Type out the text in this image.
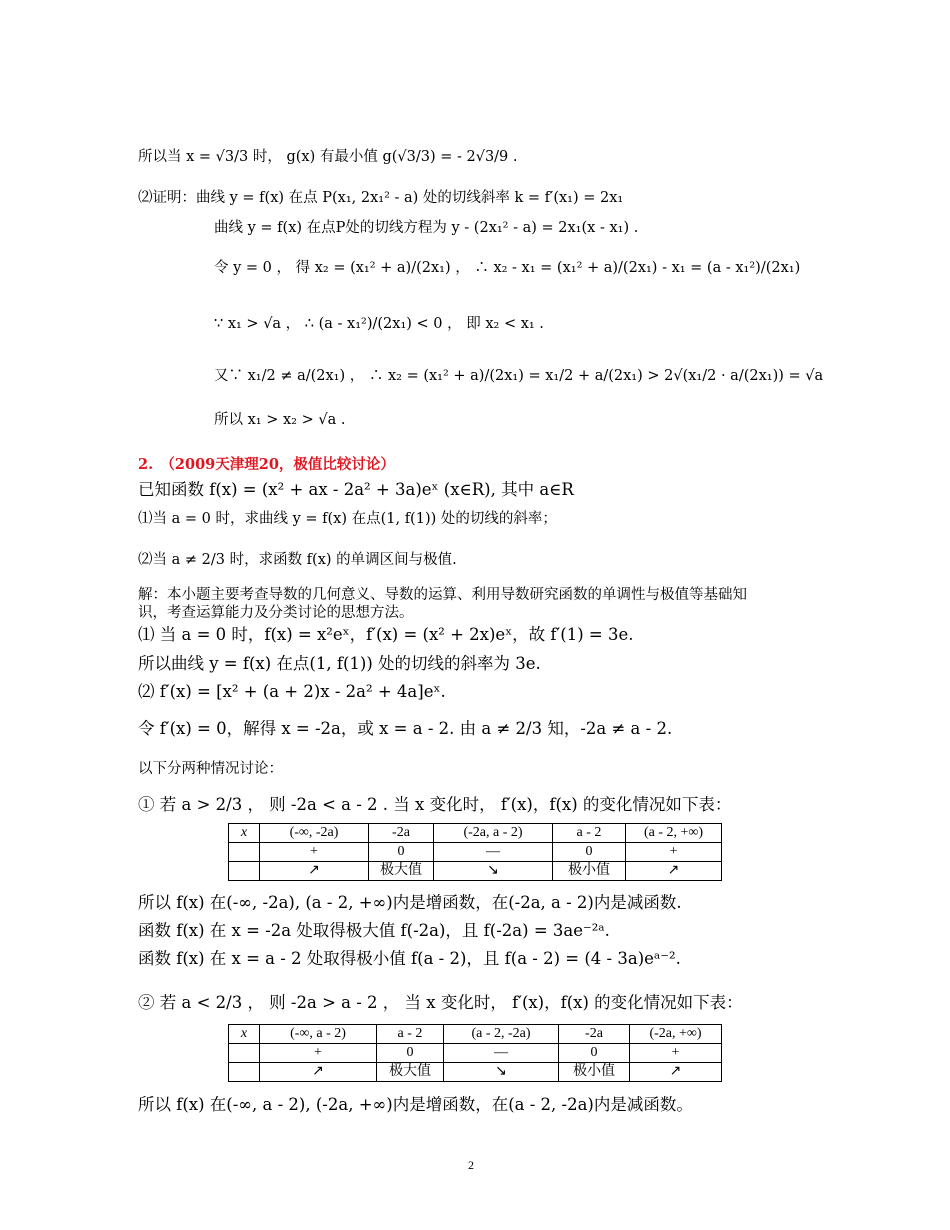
所以当 x = √3/3 时， g(x) 有最小值 g(√3/3) = - 2√3/9 .
⑵证明：曲线 y = f(x) 在点 P(x₁, 2x₁² - a) 处的切线斜率 k = f′(x₁) = 2x₁
曲线 y = f(x) 在点P处的切线方程为 y - (2x₁² - a) = 2x₁(x - x₁) .
令 y = 0 ， 得 x₂ = (x₁² + a)/(2x₁) ， ∴ x₂ - x₁ = (x₁² + a)/(2x₁) - x₁ = (a - x₁²)/(2x₁)
∵ x₁ > √a ， ∴ (a - x₁²)/(2x₁) < 0 ， 即 x₂ < x₁ .
又∵ x₁/2 ≠ a/(2x₁) ， ∴ x₂ = (x₁² + a)/(2x₁) = x₁/2 + a/(2x₁) > 2√(x₁/2 · a/(2x₁)) = √a
所以 x₁ > x₂ > √a .
2.　（2009天津理20，极值比较讨论）
已知函数 f(x) = (x² + ax - 2a² + 3a)eˣ (x∈R), 其中 a∈R
⑴当 a = 0 时，求曲线 y = f(x) 在点(1, f(1)) 处的切线的斜率；
⑵当 a ≠ 2/3 时，求函数 f(x) 的单调区间与极值.
解：本小题主要考查导数的几何意义、导数的运算、利用导数研究函数的单调性与极值等基础知
识，考查运算能力及分类讨论的思想方法。
⑴ 当 a = 0 时，f(x) = x²eˣ，f′(x) = (x² + 2x)eˣ，故 f′(1) = 3e.
所以曲线 y = f(x) 在点(1, f(1)) 处的切线的斜率为 3e.
⑵ f′(x) = [x² + (a + 2)x - 2a² + 4a]eˣ.
令 f′(x) = 0，解得 x = -2a，或 x = a - 2. 由 a ≠ 2/3 知，-2a ≠ a - 2.
以下分两种情况讨论：
① 若 a > 2/3 ， 则 -2a < a - 2 . 当 x 变化时， f′(x)，f(x) 的变化情况如下表：
x	(-∞, -2a)	-2a	(-2a, a - 2)	a - 2	(a - 2, +∞)
	+	0	—	0	+
	↗	极大值	↘	极小值	↗
所以 f(x) 在(-∞, -2a), (a - 2, +∞)内是增函数，在(-2a, a - 2)内是减函数.
函数 f(x) 在 x = -2a 处取得极大值 f(-2a)，且 f(-2a) = 3ae⁻²ᵃ.
函数 f(x) 在 x = a - 2 处取得极小值 f(a - 2)，且 f(a - 2) = (4 - 3a)eᵃ⁻².
② 若 a < 2/3 ， 则 -2a > a - 2 ， 当 x 变化时， f′(x)，f(x) 的变化情况如下表：
x	(-∞, a - 2)	a - 2	(a - 2, -2a)	-2a	(-2a, +∞)
	+	0	—	0	+
	↗	极大值	↘	极小值	↗
所以 f(x) 在(-∞, a - 2), (-2a, +∞)内是增函数，在(a - 2, -2a)内是减函数。
2
